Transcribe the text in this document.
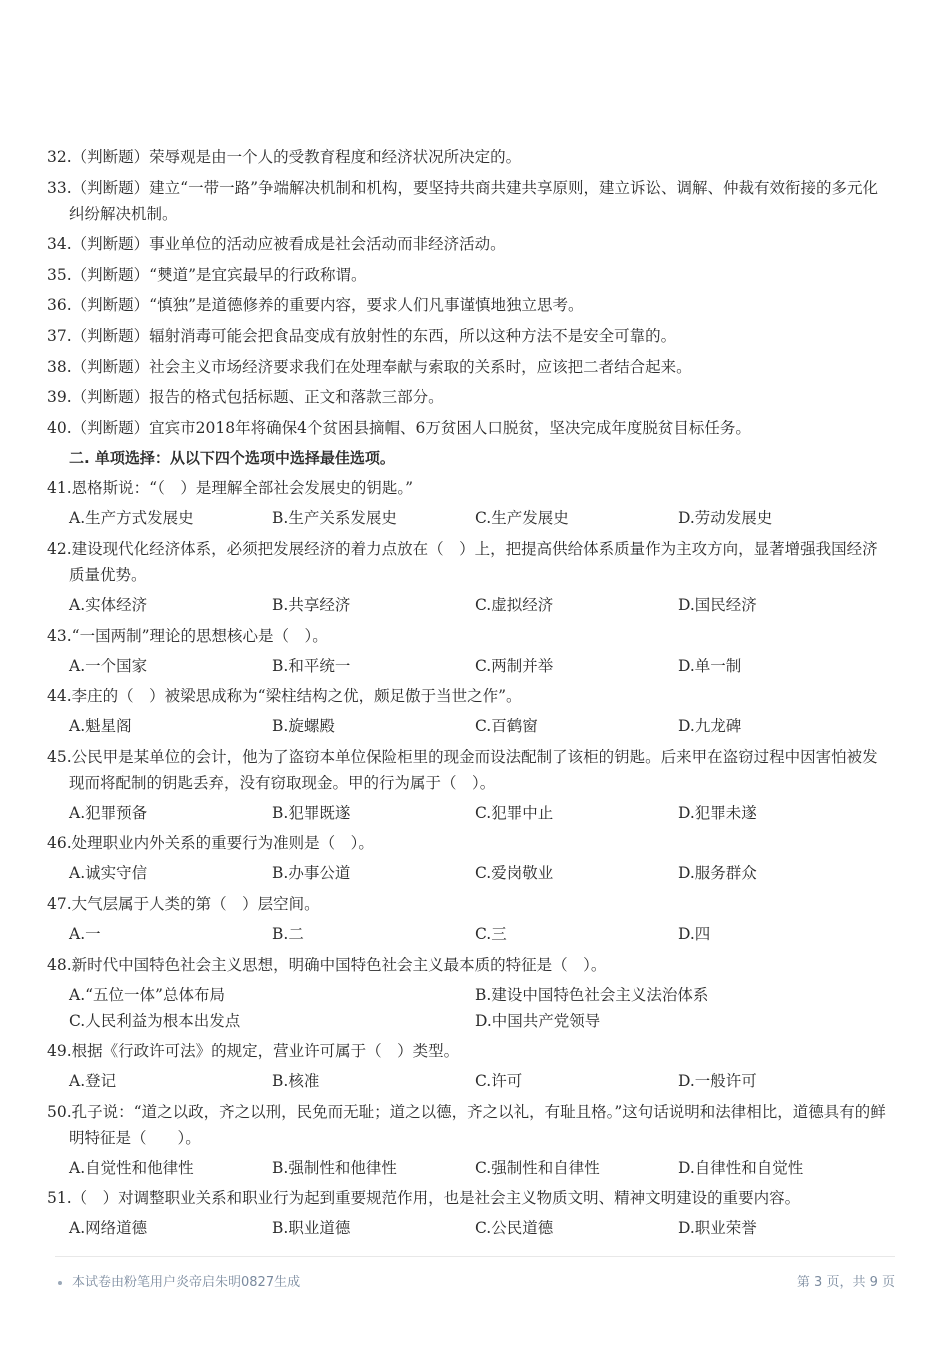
32.（判断题）荣辱观是由一个人的受教育程度和经济状况所决定的。
33.（判断题）建立“一带一路”争端解决机制和机构，要坚持共商共建共享原则，建立诉讼、调解、仲裁有效衔接的多元化纠纷解决机制。
34.（判断题）事业单位的活动应被看成是社会活动而非经济活动。
35.（判断题）“僰道”是宜宾最早的行政称谓。
36.（判断题）“慎独”是道德修养的重要内容，要求人们凡事谨慎地独立思考。
37.（判断题）辐射消毒可能会把食品变成有放射性的东西，所以这种方法不是安全可靠的。
38.（判断题）社会主义市场经济要求我们在处理奉献与索取的关系时，应该把二者结合起来。
39.（判断题）报告的格式包括标题、正文和落款三部分。
40.（判断题）宜宾市2018年将确保4个贫困县摘帽、6万贫困人口脱贫，坚决完成年度脱贫目标任务。
二. 单项选择：从以下四个选项中选择最佳选项。
41.恩格斯说：“（　）是理解全部社会发展史的钥匙。”
A.生产方式发展史	B.生产关系发展史	C.生产发展史	D.劳动发展史
42.建设现代化经济体系，必须把发展经济的着力点放在（　）上，把提高供给体系质量作为主攻方向，显著增强我国经济质量优势。
A.实体经济	B.共享经济	C.虚拟经济	D.国民经济
43.“一国两制”理论的思想核心是（　）。
A.一个国家	B.和平统一	C.两制并举	D.单一制
44.李庄的（　）被梁思成称为“梁柱结构之优，颇足傲于当世之作”。
A.魁星阁	B.旋螺殿	C.百鹤窗	D.九龙碑
45.公民甲是某单位的会计，他为了盗窃本单位保险柜里的现金而设法配制了该柜的钥匙。后来甲在盗窃过程中因害怕被发现而将配制的钥匙丢弃，没有窃取现金。甲的行为属于（　）。
A.犯罪预备	B.犯罪既遂	C.犯罪中止	D.犯罪未遂
46.处理职业内外关系的重要行为准则是（　）。
A.诚实守信	B.办事公道	C.爱岗敬业	D.服务群众
47.大气层属于人类的第（　）层空间。
A.一	B.二	C.三	D.四
48.新时代中国特色社会主义思想，明确中国特色社会主义最本质的特征是（　）。
A.“五位一体”总体布局	B.建设中国特色社会主义法治体系
C.人民利益为根本出发点	D.中国共产党领导
49.根据《行政许可法》的规定，营业许可属于（　）类型。
A.登记	B.核准	C.许可	D.一般许可
50.孔子说：“道之以政，齐之以刑，民免而无耻；道之以德，齐之以礼，有耻且格。”这句话说明和法律相比，道德具有的鲜明特征是（　　）。
A.自觉性和他律性	B.强制性和他律性	C.强制性和自律性	D.自律性和自觉性
51.（　）对调整职业关系和职业行为起到重要规范作用，也是社会主义物质文明、精神文明建设的重要内容。
A.网络道德	B.职业道德	C.公民道德	D.职业荣誉
本试卷由粉笔用户炎帝启朱明0827生成	第 3 页，共 9 页
